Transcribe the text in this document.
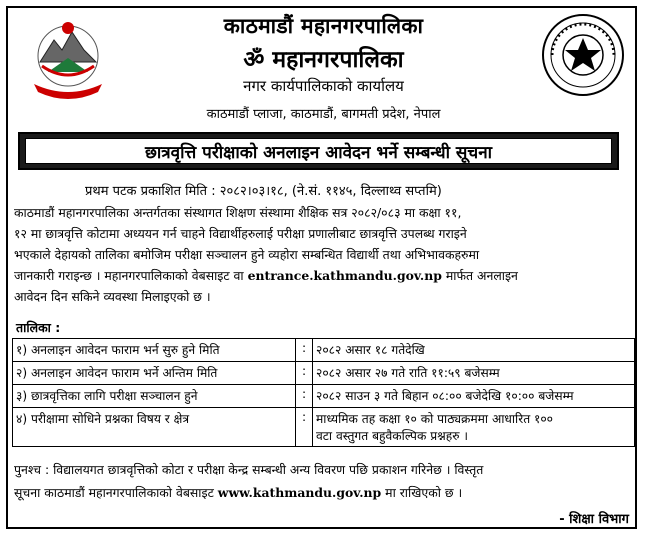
काठमाडौं महानगरपालिका
ॐ महानगरपालिका
नगर कार्यपालिकाको कार्यालय
काठमाडौं प्लाजा, काठमाडौं, बागमती प्रदेश, नेपाल
छात्रवृत्ति परीक्षाको अनलाइन आवेदन भर्ने सम्बन्धी सूचना
प्रथम पटक प्रकाशित मिति : २०८२।०३।१८, (ने.सं. ११४५, दिल्लाथ्व सप्तमि)
काठमाडौं महानगरपालिका अन्तर्गतका संस्थागत शिक्षण संस्थामा शैक्षिक सत्र २०८२/०८३ मा कक्षा ११,
१२ मा छात्रवृत्ति कोटामा अध्ययन गर्न चाहने विद्यार्थीहरुलाई परीक्षा प्रणालीबाट छात्रवृत्ति उपलब्ध गराइने
भएकाले देहायको तालिका बमोजिम परीक्षा सञ्चालन हुने व्यहोरा सम्बन्धित विद्यार्थी तथा अभिभावकहरुमा
जानकारी गराइन्छ । महानगरपालिकाको वेबसाइट वा entrance.kathmandu.gov.np मार्फत अनलाइन
आवेदन दिन सकिने व्यवस्था मिलाइएको छ ।
तालिका :
१) अनलाइन आवेदन फाराम भर्न सुरु हुने मिति	:	२०८२ असार १८ गतेदेखि
२) अनलाइन आवेदन फाराम भर्ने अन्तिम मिति	:	२०८२ असार २७ गते राति ११:५९ बजेसम्म
३) छात्रवृत्तिका लागि परीक्षा सञ्चालन हुने	:	२०८२ साउन ३ गते बिहान ०८:०० बजेदेखि १०:०० बजेसम्म
४) परीक्षामा सोधिने प्रश्नका विषय र क्षेत्र	:	माध्यमिक तह कक्षा १० को पाठ्यक्रममा आधारित १००
वटा वस्तुगत बहुवैकल्पिक प्रश्नहरु ।
पुनश्च : विद्यालयगत छात्रवृत्तिको कोटा र परीक्षा केन्द्र सम्बन्धी अन्य विवरण पछि प्रकाशन गरिनेछ । विस्तृत
सूचना काठमाडौं महानगरपालिकाको वेबसाइट www.kathmandu.gov.np मा राखिएको छ ।
- शिक्षा विभाग
